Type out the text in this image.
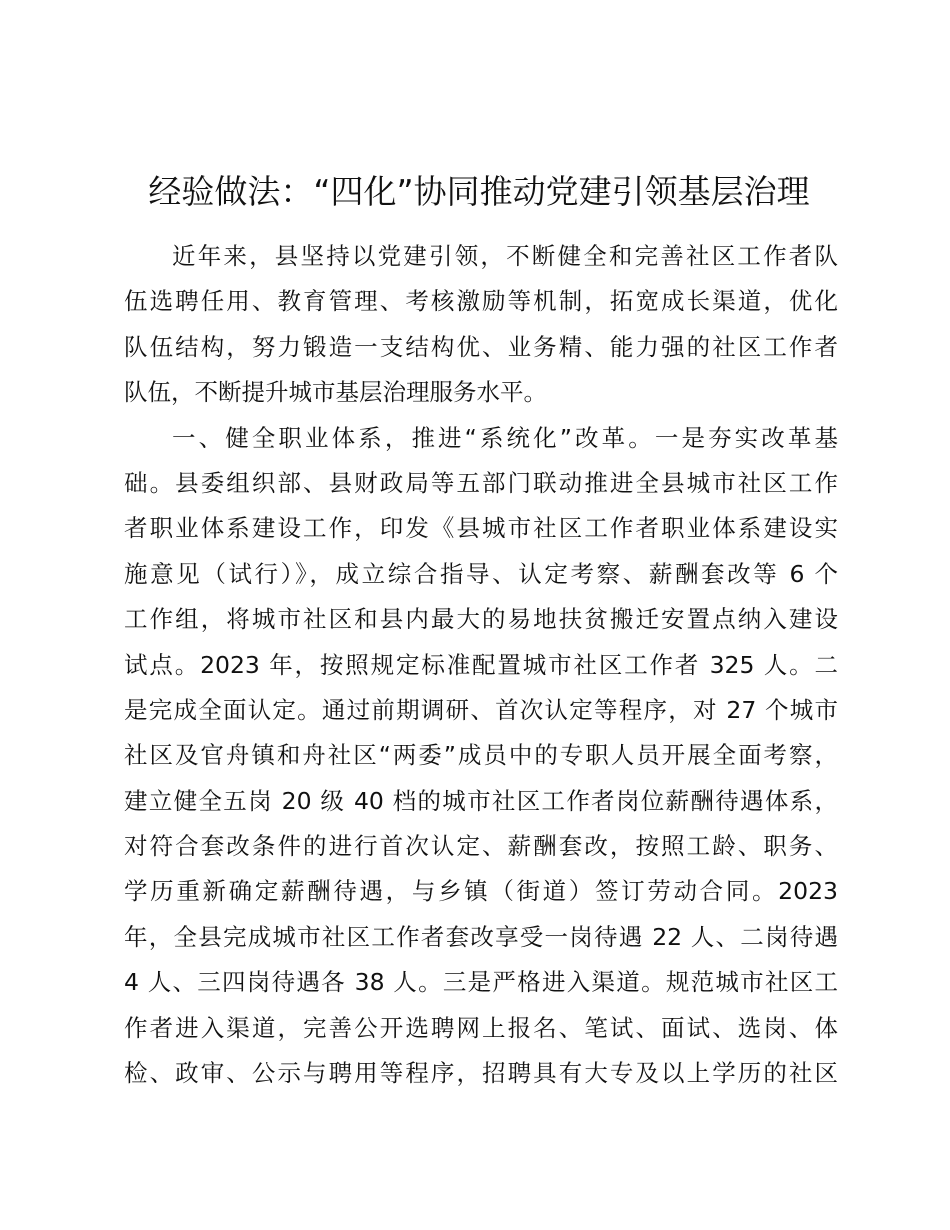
经验做法：“四化”协同推动党建引领基层治理
近年来，县坚持以党建引领，不断健全和完善社区工作者队
伍选聘任用、教育管理、考核激励等机制，拓宽成长渠道，优化
队伍结构，努力锻造一支结构优、业务精、能力强的社区工作者
队伍，不断提升城市基层治理服务水平。
一、健全职业体系，推进“系统化”改革。一是夯实改革基
础。县委组织部、县财政局等五部门联动推进全县城市社区工作
者职业体系建设工作，印发《县城市社区工作者职业体系建设实
施意见（试行）》，成立综合指导、认定考察、薪酬套改等 6 个
工作组，将城市社区和县内最大的易地扶贫搬迁安置点纳入建设
试点。2023 年，按照规定标准配置城市社区工作者 325 人。二
是完成全面认定。通过前期调研、首次认定等程序，对 27 个城市
社区及官舟镇和舟社区“两委”成员中的专职人员开展全面考察，
建立健全五岗 20 级 40 档的城市社区工作者岗位薪酬待遇体系，
对符合套改条件的进行首次认定、薪酬套改，按照工龄、职务、
学历重新确定薪酬待遇，与乡镇（街道）签订劳动合同。2023
年，全县完成城市社区工作者套改享受一岗待遇 22 人、二岗待遇
4 人、三四岗待遇各 38 人。三是严格进入渠道。规范城市社区工
作者进入渠道，完善公开选聘网上报名、笔试、面试、选岗、体
检、政审、公示与聘用等程序，招聘具有大专及以上学历的社区
